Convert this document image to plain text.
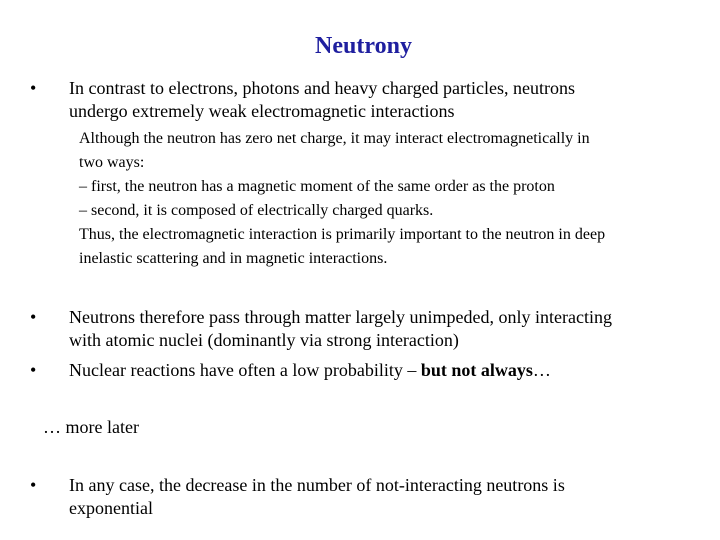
Neutrony
• In contrast to electrons, photons and heavy charged particles, neutrons
undergo extremely weak electromagnetic interactions
Although the neutron has zero net charge, it may interact electromagnetically in
two ways:
– first, the neutron has a magnetic moment of the same order as the proton
– second, it is composed of electrically charged quarks.
Thus, the electromagnetic interaction is primarily important to the neutron in deep
inelastic scattering and in magnetic interactions.
• Neutrons therefore pass through matter largely unimpeded, only interacting
with atomic nuclei (dominantly via strong interaction)
• Nuclear reactions have often a low probability – but not always…
… more later
• In any case, the decrease in the number of not-interacting neutrons is
exponential
